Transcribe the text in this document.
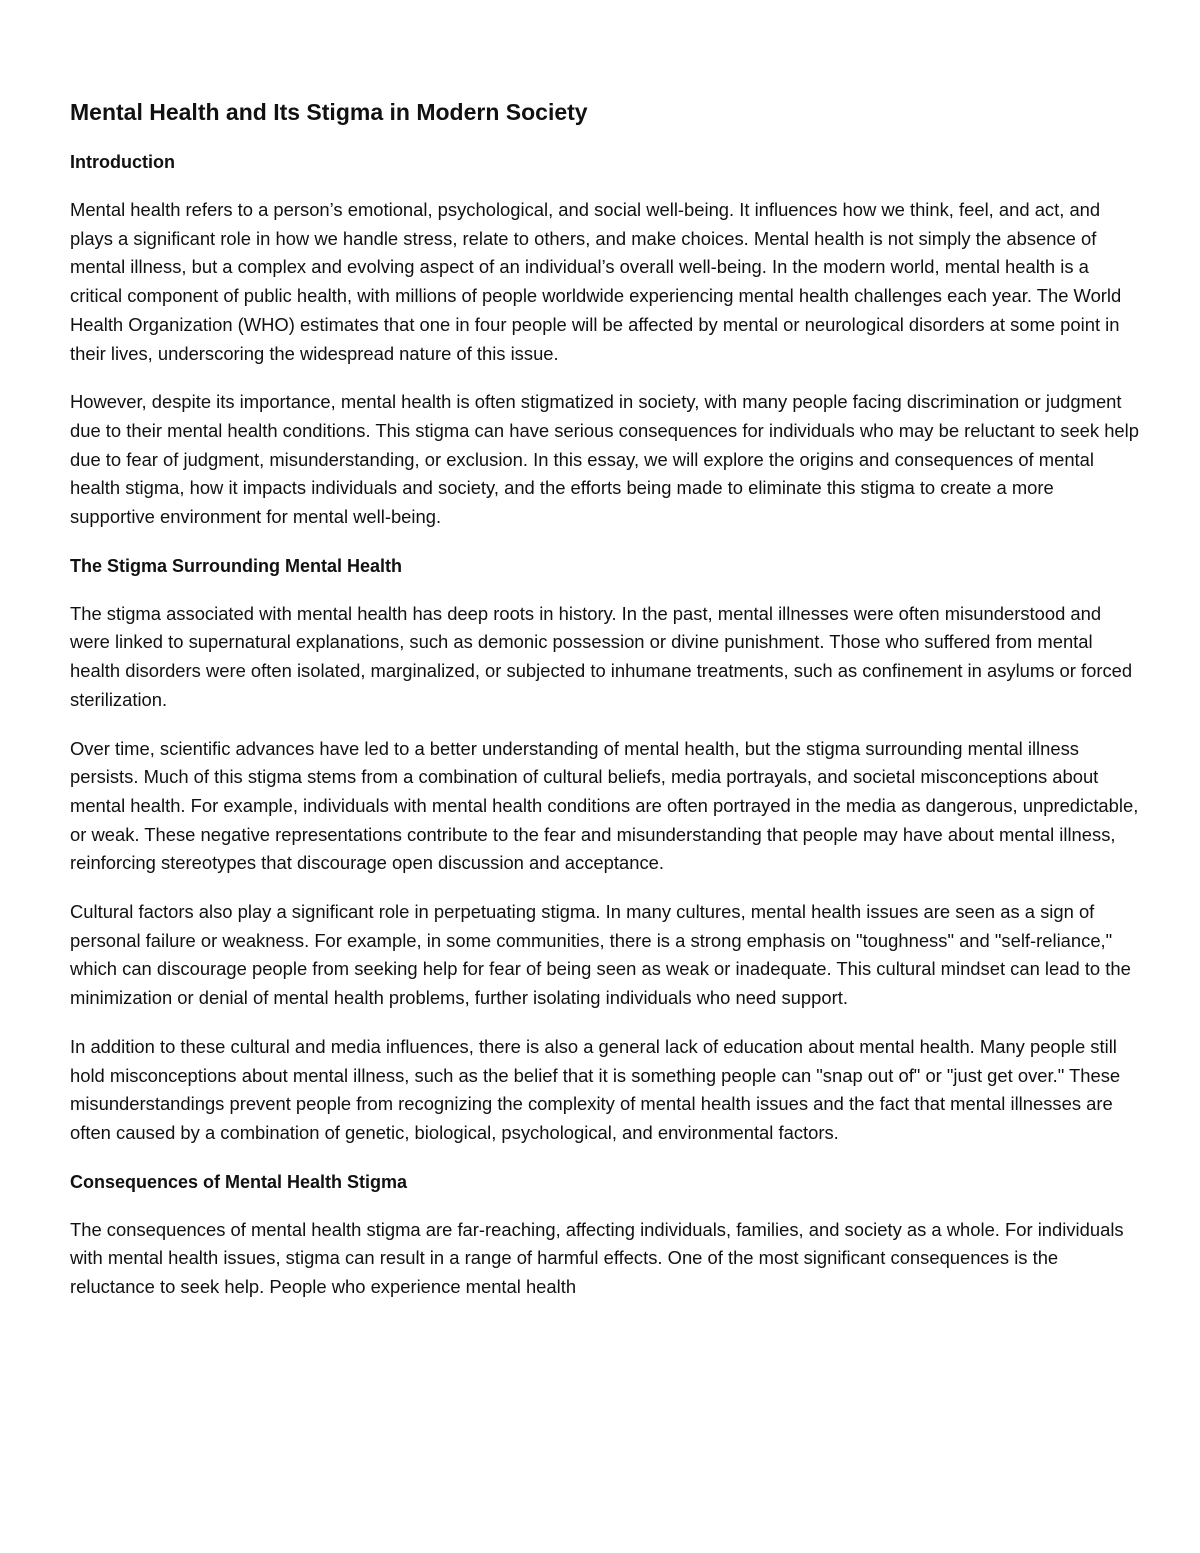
Mental Health and Its Stigma in Modern Society
Introduction

Mental health refers to a person’s emotional, psychological, and social well-being. It influences how we think, feel, and act, and plays a significant role in how we handle stress, relate to others, and make choices. Mental health is not simply the absence of mental illness, but a complex and evolving aspect of an individual’s overall well-being. In the modern world, mental health is a critical component of public health, with millions of people worldwide experiencing mental health challenges each year. The World Health Organization (WHO) estimates that one in four people will be affected by mental or neurological disorders at some point in their lives, underscoring the widespread nature of this issue.

However, despite its importance, mental health is often stigmatized in society, with many people facing discrimination or judgment due to their mental health conditions. This stigma can have serious consequences for individuals who may be reluctant to seek help due to fear of judgment, misunderstanding, or exclusion. In this essay, we will explore the origins and consequences of mental health stigma, how it impacts individuals and society, and the efforts being made to eliminate this stigma to create a more supportive environment for mental well-being.

The Stigma Surrounding Mental Health

The stigma associated with mental health has deep roots in history. In the past, mental illnesses were often misunderstood and were linked to supernatural explanations, such as demonic possession or divine punishment. Those who suffered from mental health disorders were often isolated, marginalized, or subjected to inhumane treatments, such as confinement in asylums or forced sterilization.

Over time, scientific advances have led to a better understanding of mental health, but the stigma surrounding mental illness persists. Much of this stigma stems from a combination of cultural beliefs, media portrayals, and societal misconceptions about mental health. For example, individuals with mental health conditions are often portrayed in the media as dangerous, unpredictable, or weak. These negative representations contribute to the fear and misunderstanding that people may have about mental illness, reinforcing stereotypes that discourage open discussion and acceptance.

Cultural factors also play a significant role in perpetuating stigma. In many cultures, mental health issues are seen as a sign of personal failure or weakness. For example, in some communities, there is a strong emphasis on "toughness" and "self-reliance," which can discourage people from seeking help for fear of being seen as weak or inadequate. This cultural mindset can lead to the minimization or denial of mental health problems, further isolating individuals who need support.

In addition to these cultural and media influences, there is also a general lack of education about mental health. Many people still hold misconceptions about mental illness, such as the belief that it is something people can "snap out of" or "just get over." These misunderstandings prevent people from recognizing the complexity of mental health issues and the fact that mental illnesses are often caused by a combination of genetic, biological, psychological, and environmental factors.

Consequences of Mental Health Stigma

The consequences of mental health stigma are far-reaching, affecting individuals, families, and society as a whole. For individuals with mental health issues, stigma can result in a range of harmful effects. One of the most significant consequences is the reluctance to seek help. People who experience mental health
